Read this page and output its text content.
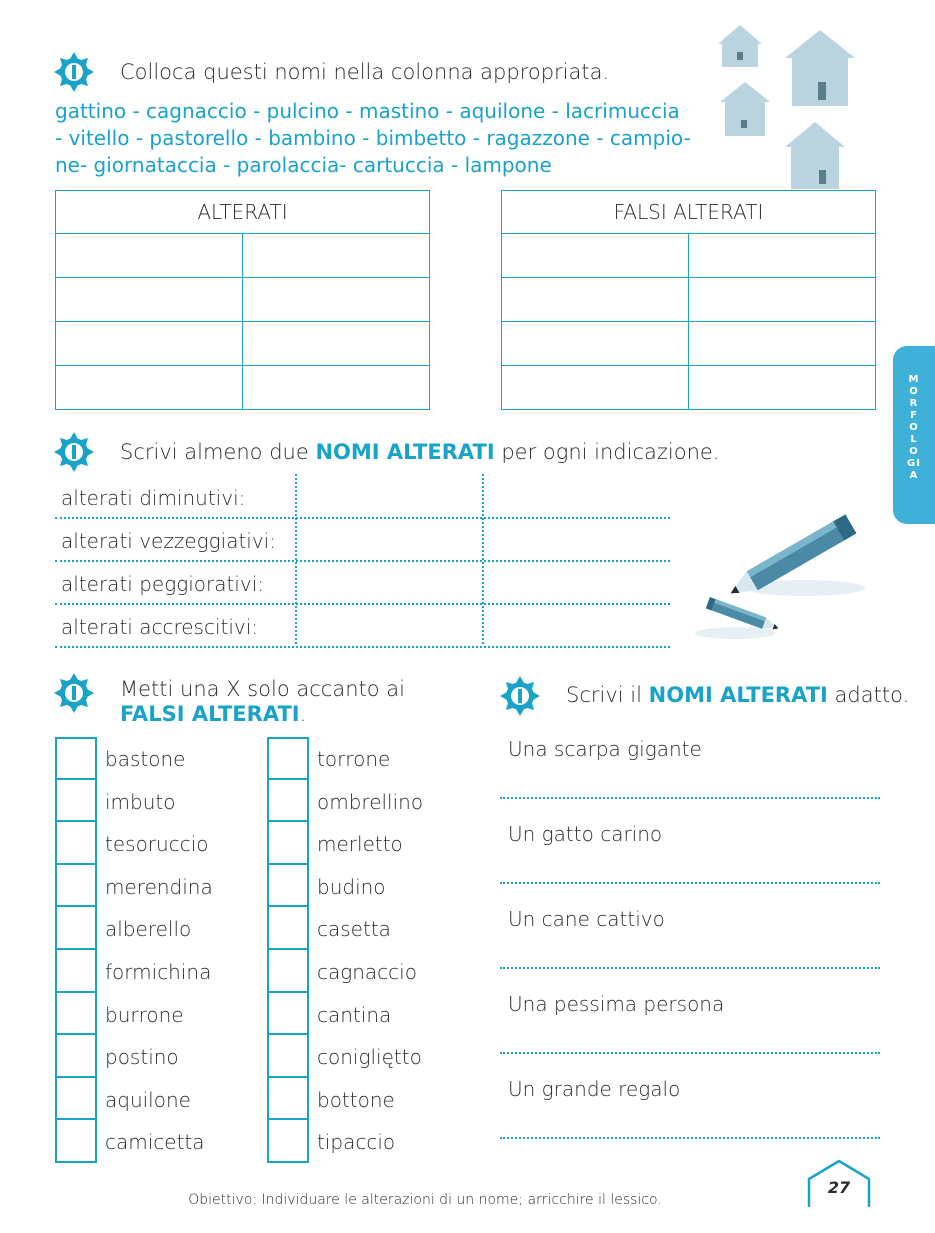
Colloca questi nomi nella colonna appropriata.
gattino - cagnaccio - pulcino - mastino - aquilone - lacrimuccia
- vitello - pastorello - bambino - bimbetto - ragazzone - campio-
ne- giornataccia - parolaccia- cartuccia - lampone
ALTERATI	

		FALSI ALTERATI	

MORFOLOGIA
Scrivi almeno due NOMI ALTERATI per ogni indicazione.
alterati diminutivi:
alterati vezzeggiativi:
alterati peggiorativi:
alterati accrescitivi:
Metti una X solo accanto ai
FALSI ALTERATI.
bastone
imbuto
tesoruccio
merendina
alberello
formichina
burrone
postino
aquilone
camicetta
torrone
ombrellino
merletto
budino
casetta
cagnaccio
cantina
conigliętto
bottone
tipaccio
Scrivi il NOMI ALTERATI adatto.
Una scarpa gigante
Un gatto carino
Un cane cattivo
Una pessima persona
Un grande regalo
Obiettivo: Individuare le alterazioni di un nome; arricchire il lessico.
27
